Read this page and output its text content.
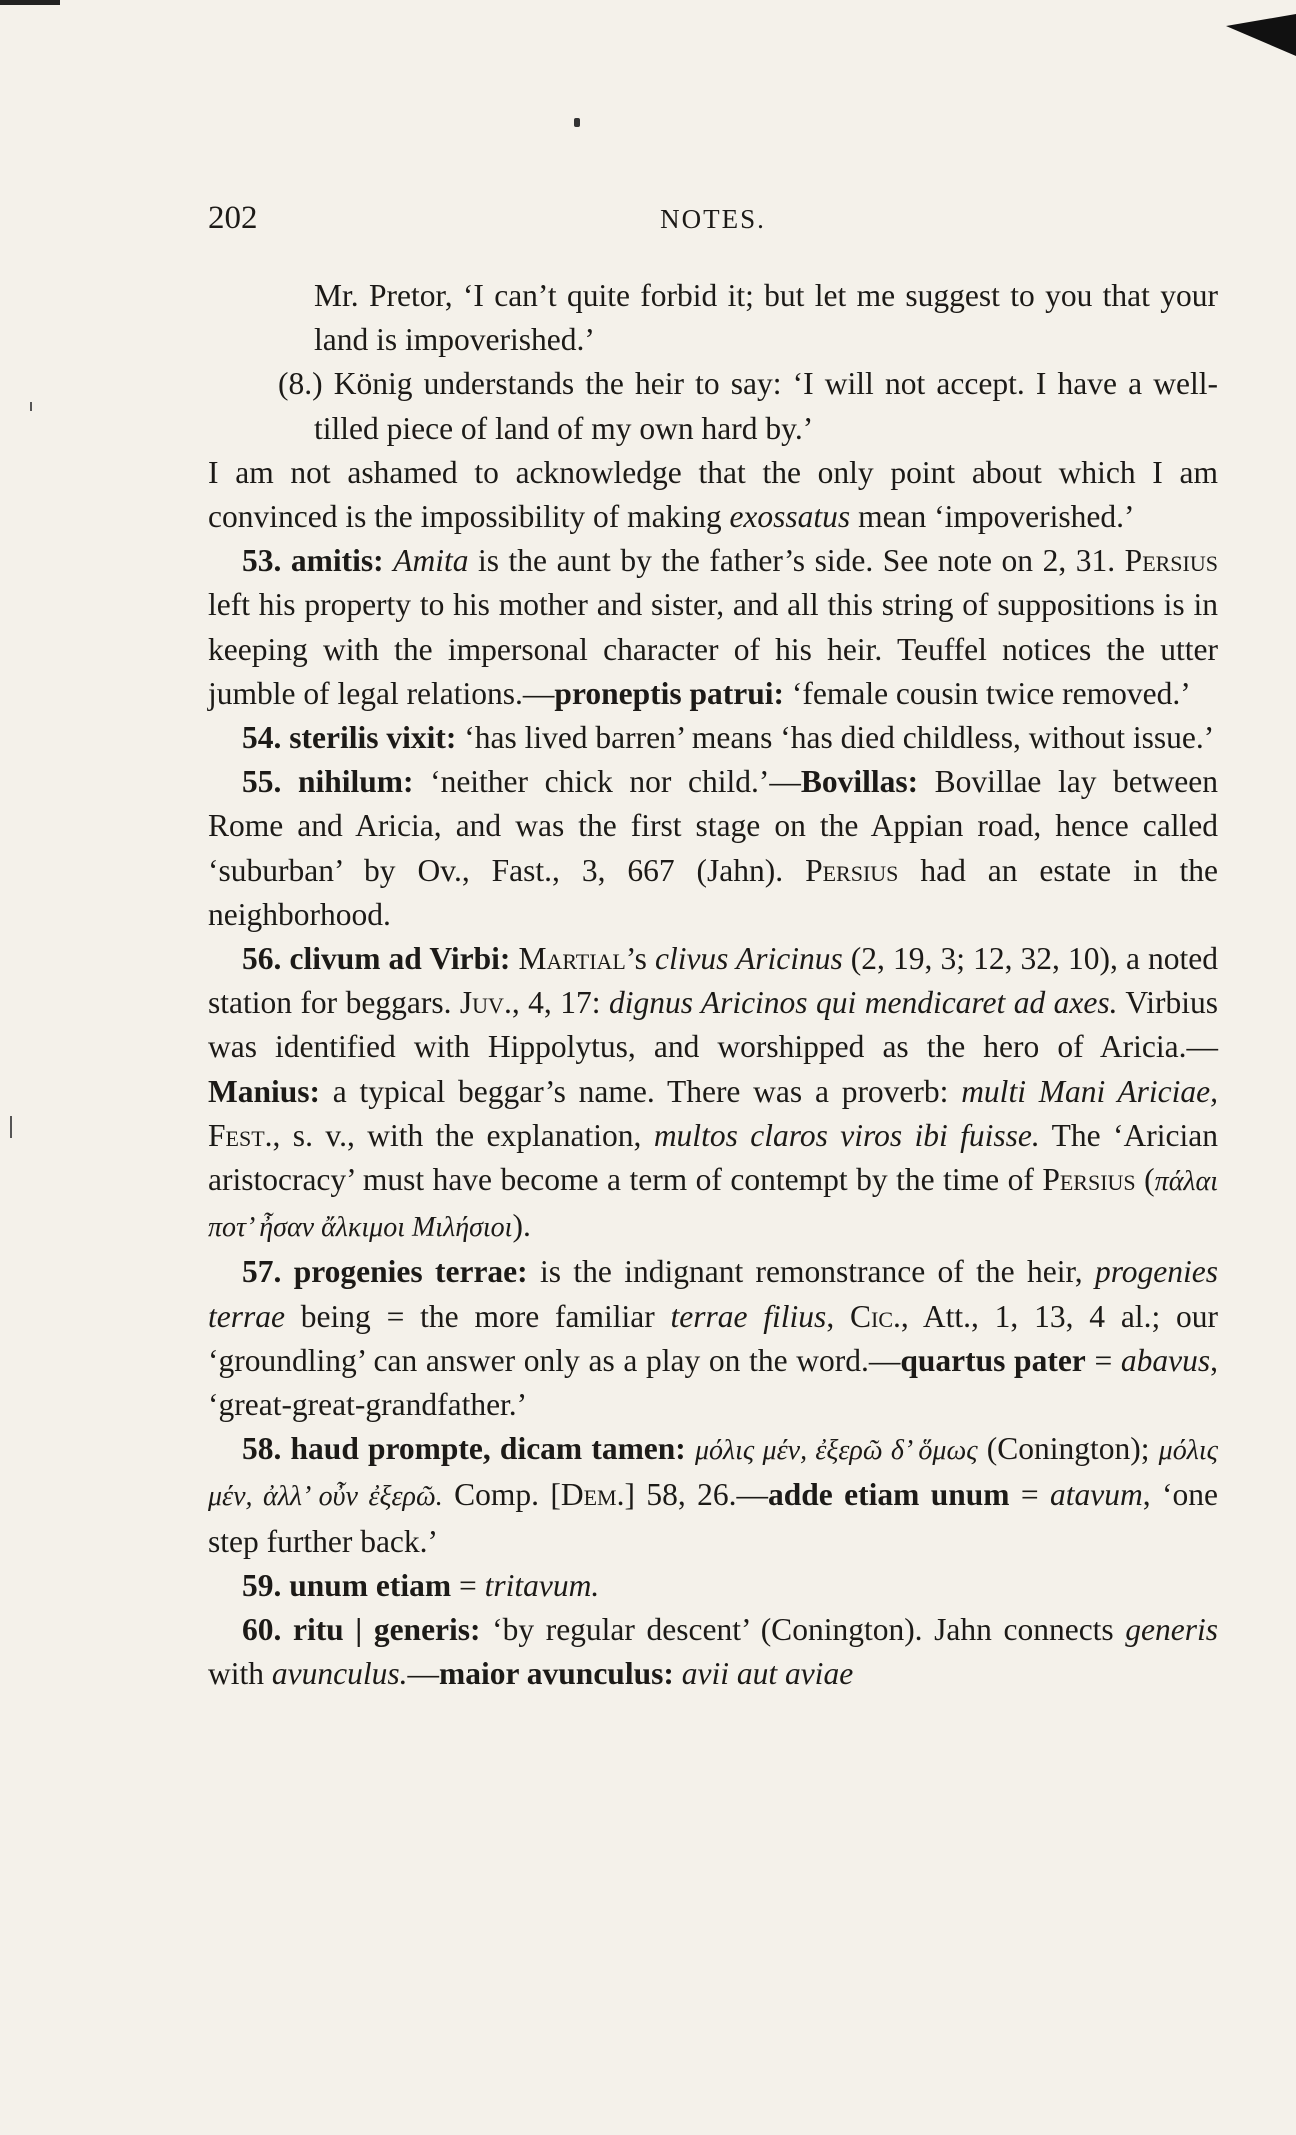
202	NOTES.

Mr. Pretor, ‘I can’t quite forbid it; but let me suggest to you that your land is impoverished.’

(8.) König understands the heir to say: ‘I will not accept. I have a well-tilled piece of land of my own hard by.’

I am not ashamed to acknowledge that the only point about which I am convinced is the impossibility of making exossatus mean ‘impoverished.’

53. amitis: Amita is the aunt by the father’s side. See note on 2, 31. Persius left his property to his mother and sister, and all this string of suppositions is in keeping with the impersonal character of his heir. Teuffel notices the utter jumble of legal relations.—proneptis patrui: ‘female cousin twice removed.’

54. sterilis vixit: ‘has lived barren’ means ‘has died childless, without issue.’

55. nihilum: ‘neither chick nor child.’—Bovillas: Bovillae lay between Rome and Aricia, and was the first stage on the Appian road, hence called ‘suburban’ by Ov., Fast., 3, 667 (Jahn). Persius had an estate in the neighborhood.

56. clivum ad Virbi: Martial’s clivus Aricinus (2, 19, 3; 12, 32, 10), a noted station for beggars. Juv., 4, 17: dignus Aricinos qui mendicaret ad axes. Virbius was identified with Hippolytus, and worshipped as the hero of Aricia.—Manius: a typical beggar’s name. There was a proverb: multi Mani Ariciae, Fest., s. v., with the explanation, multos claros viros ibi fuisse. The ‘Arician aristocracy’ must have become a term of contempt by the time of Persius (πάλαι ποτ’ ἦσαν ἄλκιμοι Μιλήσιοι).

57. progenies terrae: is the indignant remonstrance of the heir, progenies terrae being = the more familiar terrae filius, Cic., Att., 1, 13, 4 al.; our ‘groundling’ can answer only as a play on the word.—quartus pater = abavus, ‘great-great-grandfather.’

58. haud prompte, dicam tamen: μόλις μέν, ἐξερῶ δ’ ὅμως (Conington); μόλις μέν, ἀλλ’ οὖν ἐξερῶ. Comp. [Dem.] 58, 26.—adde etiam unum = atavum, ‘one step further back.’

59. unum etiam = tritavum.

60. ritu | generis: ‘by regular descent’ (Conington). Jahn connects generis with avunculus.—maior avunculus: avii aut aviae
